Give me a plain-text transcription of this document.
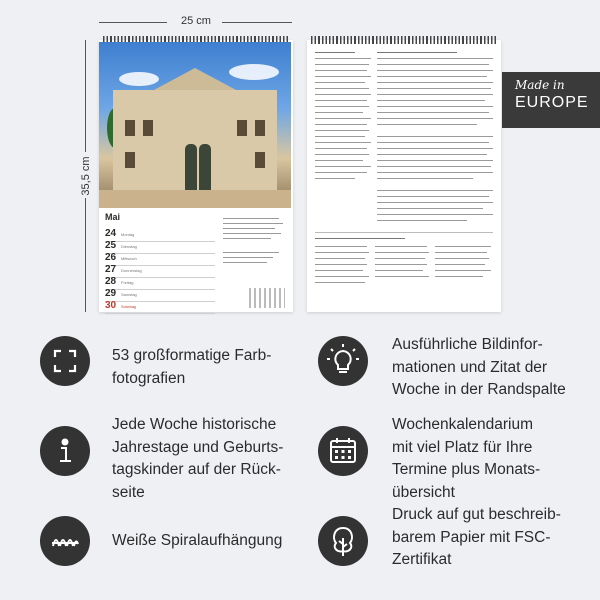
25 cm
35,5 cm
Mai
24 Montag
25 Dienstag
26 Mittwoch
27 Donnerstag
28 Freitag
29 Samstag
30 Sonntag
Made in
EUROPE
53 großformatige Farb-
fotografien
Ausführliche Bildinfor-
mationen und Zitat der
Woche in der Randspalte
Jede Woche historische
Jahrestage und Geburts-
tagskinder auf der Rück-
seite
Wochenkalendarium
mit viel Platz für Ihre
Termine plus Monats-
übersicht
Weiße Spiralaufhängung
Druck auf gut beschreib-
barem Papier mit FSC-
Zertifikat
